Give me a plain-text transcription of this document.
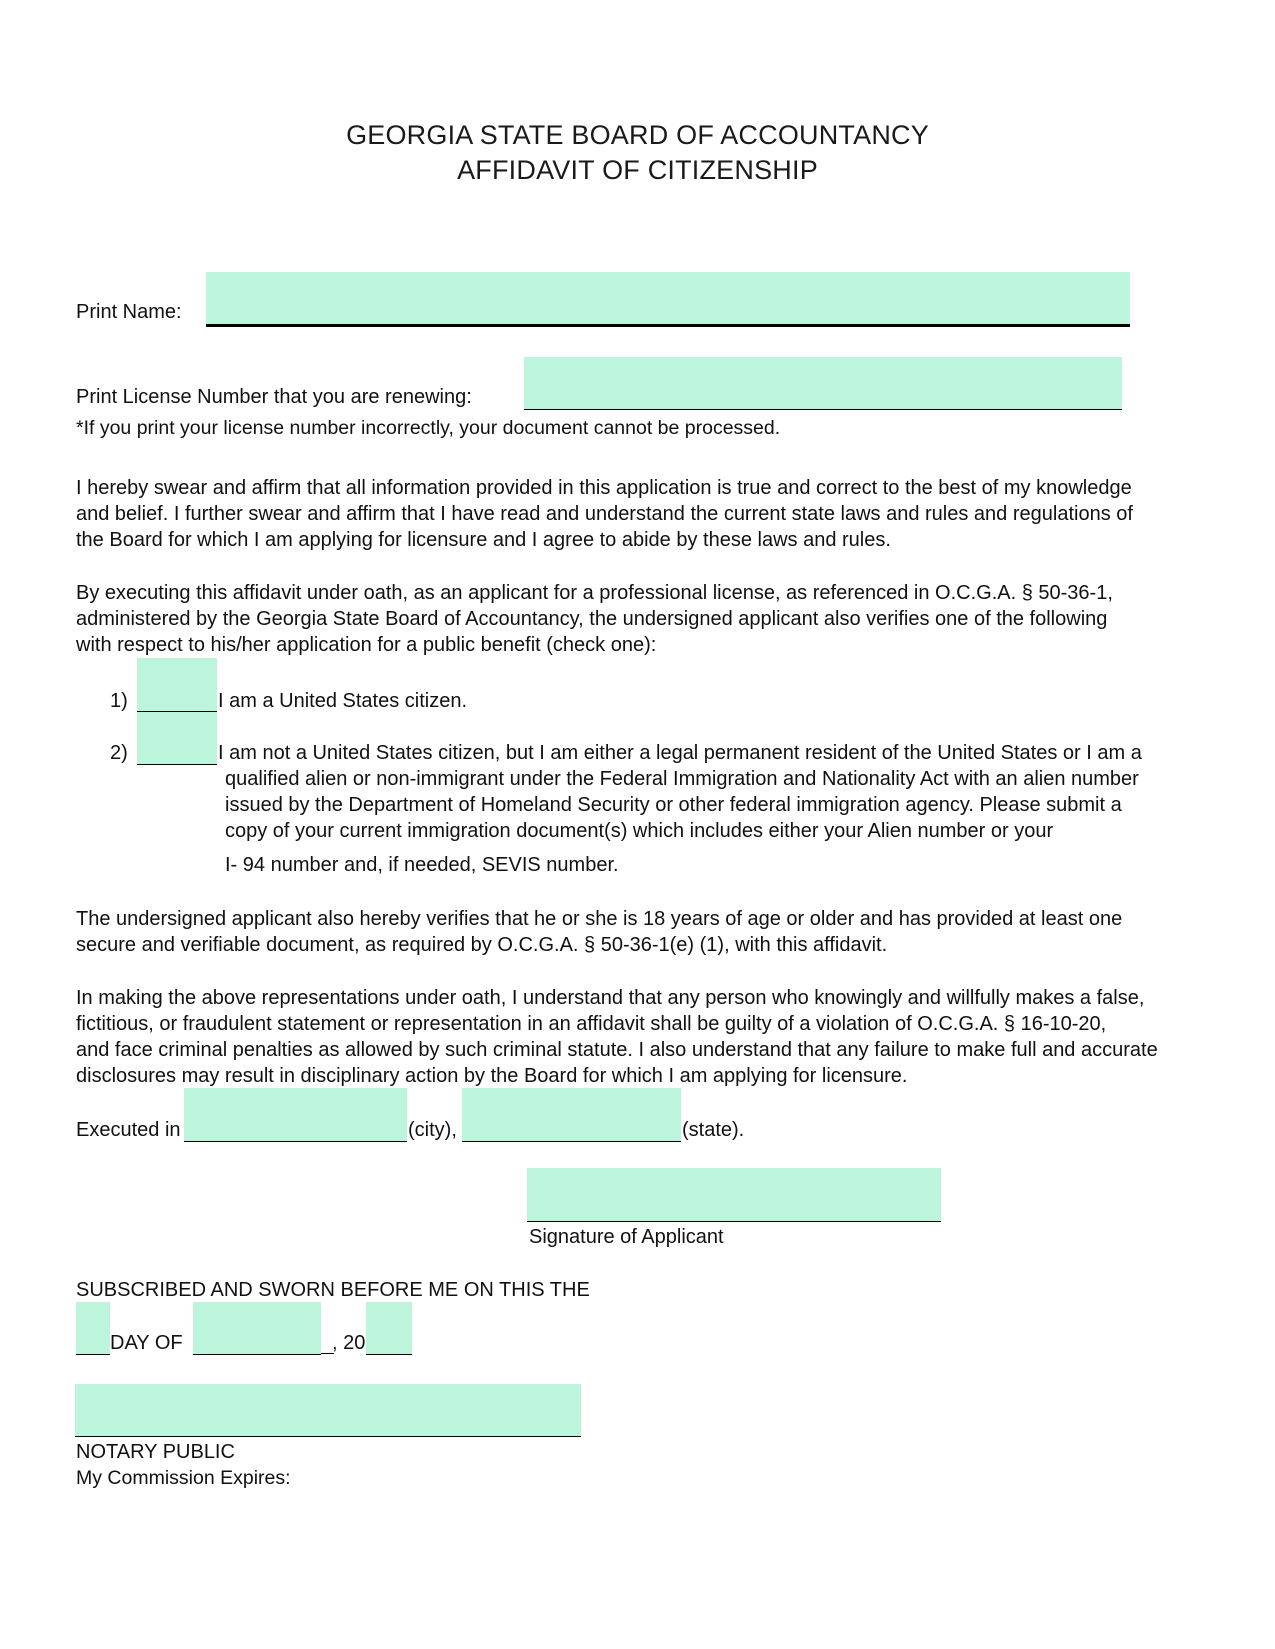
GEORGIA STATE BOARD OF ACCOUNTANCY
AFFIDAVIT OF CITIZENSHIP
Print Name:
Print License Number that you are renewing:
*If you print your license number incorrectly, your document cannot be processed.
I hereby swear and affirm that all information provided in this application is true and correct to the best of my knowledge
and belief. I further swear and affirm that I have read and understand the current state laws and rules and regulations of
the Board for which I am applying for licensure and I agree to abide by these laws and rules.
By executing this affidavit under oath, as an applicant for a professional license, as referenced in O.C.G.A. § 50-36-1,
administered by the Georgia State Board of Accountancy, the undersigned applicant also verifies one of the following
with respect to his/her application for a public benefit (check one):
1)	I am a United States citizen.
2)	I am not a United States citizen, but I am either a legal permanent resident of the United States or I am a
qualified alien or non-immigrant under the Federal Immigration and Nationality Act with an alien number
issued by the Department of Homeland Security or other federal immigration agency. Please submit a
copy of your current immigration document(s) which includes either your Alien number or your
I- 94 number and, if needed, SEVIS number.
The undersigned applicant also hereby verifies that he or she is 18 years of age or older and has provided at least one
secure and verifiable document, as required by O.C.G.A. § 50-36-1(e) (1), with this affidavit.
In making the above representations under oath, I understand that any person who knowingly and willfully makes a false,
fictitious, or fraudulent statement or representation in an affidavit shall be guilty of a violation of O.C.G.A. § 16-10-20,
and face criminal penalties as allowed by such criminal statute. I also understand that any failure to make full and accurate
disclosures may result in disciplinary action by the Board for which I am applying for licensure.
Executed in	(city),	(state).
Signature of Applicant
SUBSCRIBED AND SWORN BEFORE ME ON THIS THE
DAY OF	, 20
NOTARY PUBLIC
My Commission Expires:
